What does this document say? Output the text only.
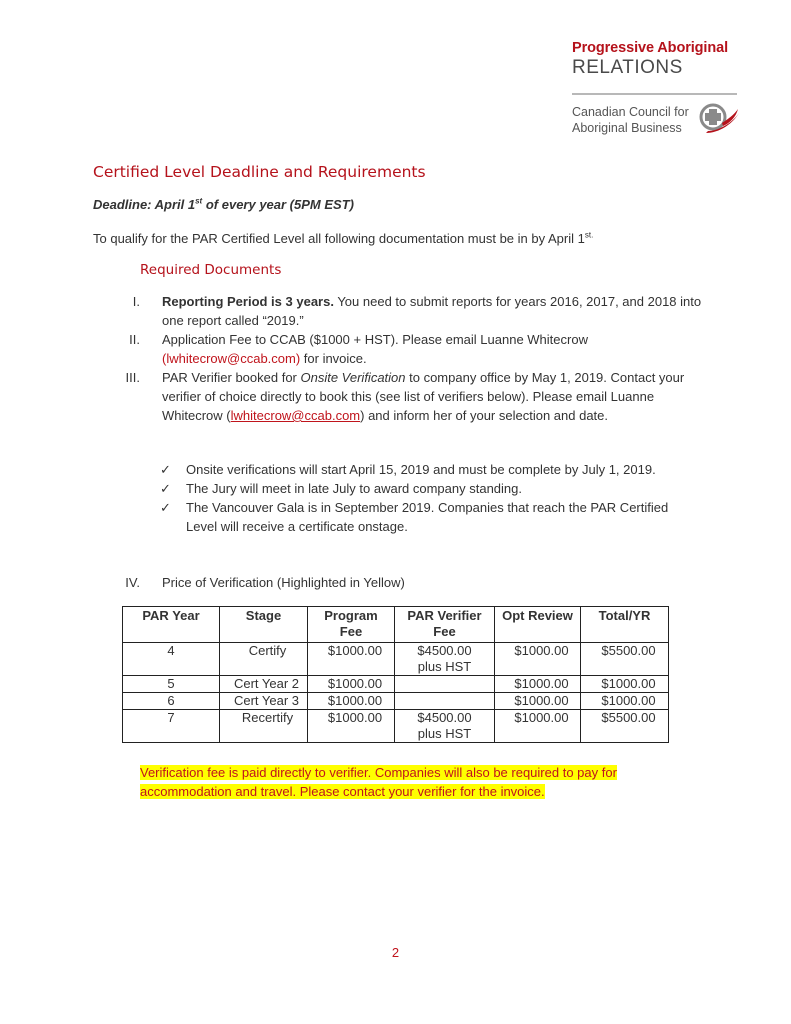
Progressive Aboriginal
RELATIONS
Canadian Council for
Aboriginal Business
Certified Level Deadline and Requirements
Deadline: April 1st of every year (5PM EST)
To qualify for the PAR Certified Level all following documentation must be in by April $1^{st.}$
Required Documents
I. Reporting Period is 3 years. You need to submit reports for years 2016, 2017, and 2018 into one report called “2019.”
II. Application Fee to CCAB ($1000 + HST). Please email Luanne Whitecrow
(lwhitecrow@ccab.com) for invoice.
III. PAR Verifier booked for Onsite Verification to company office by May 1, 2019. Contact your verifier of choice directly to book this (see list of verifiers below). Please email Luanne Whitecrow (lwhitecrow@ccab.com) and inform her of your selection and date.
✓ Onsite verifications will start April 15, 2019 and must be complete by July 1, 2019.
✓ The Jury will meet in late July to award company standing.
✓ The Vancouver Gala is in September 2019. Companies that reach the PAR Certified Level will receive a certificate onstage.
IV. Price of Verification (Highlighted in Yellow)
PAR Year	Stage	Program Fee	PAR Verifier Fee	Opt Review	Total/YR
4	Certify	$1000.00	$4500.00 plus HST	$1000.00	$5500.00
5	Cert Year 2	$1000.00		$1000.00	$1000.00
6	Cert Year 3	$1000.00		$1000.00	$1000.00
7	Recertify	$1000.00	$4500.00 plus HST	$1000.00	$5500.00
Verification fee is paid directly to verifier. Companies will also be required to pay for accommodation and travel. Please contact your verifier for the invoice.
2
